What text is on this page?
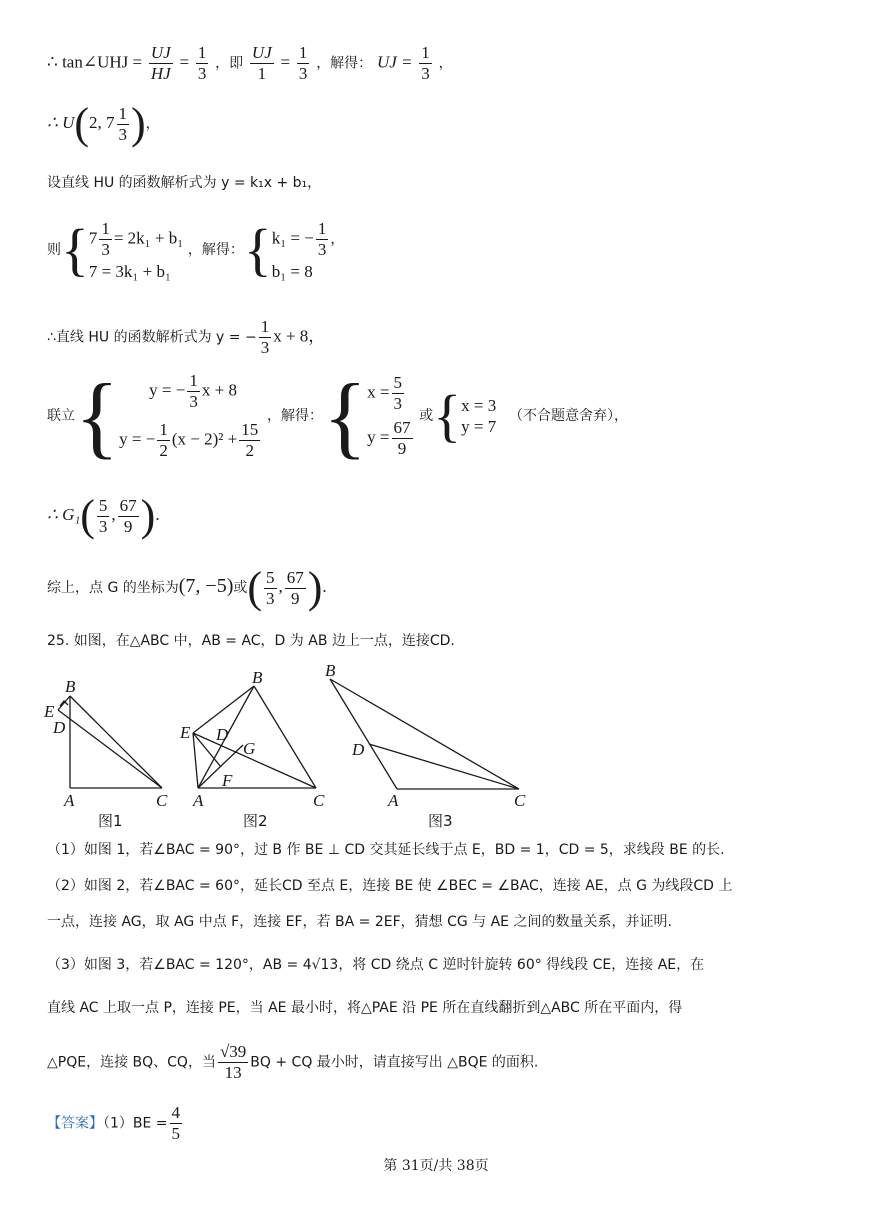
∴ tan∠UHJ = $\frac{UJ}{HJ} = \frac{1}{3}$ ，即 $\frac{UJ}{1} = \frac{1}{3}$ ，解得： UJ = $\frac{1}{3}$ ，
∴ U(2, $7 \frac{1}{3}$ )，
设直线 HU 的函数解析式为 y = k₁x + b₁，
则{ $7 \frac{1}{3} = 2k_1 + b_1$
7 = 3k₁ + b₁
，解得：{ k₁ = − $\frac{1}{3}$ ，
b₁ = 8
∴直线 HU 的函数解析式为 y = − $\frac{1}{3}$ x + 8，
联立{	y = − $\frac{1}{3}$ x + 8
y = − $\frac{1}{2} (x - 2)^2 + \frac{15}{2}$
，解得：{ $x = \frac{5}{3}$
$y = \frac{67}{9}$
或{ x = 3
y = 7
（不合题意舍弃），
∴ $G_1( \frac{5}{3}$ , $\frac{67}{9}$ ).
综上，点 G 的坐标为(7, −5)或( $\frac{5}{3}$ , $\frac{67}{9}$ ).
25. 如图，在△ABC 中，AB = AC，D 为 AB 边上一点，连接CD.
B
E
D
A	C
图1
B
E D
G
F
A	C
图2
B
D
A	C
图3
（1）如图 1，若∠BAC = 90°，过 B 作 BE ⊥ CD 交其延长线于点 E，BD = 1，CD = 5，求线段 BE 的长.
（2）如图 2，若∠BAC = 60°，延长CD 至点 E，连接 BE 使 ∠BEC = ∠BAC，连接 AE，点 G 为线段CD 上
一点，连接 AG，取 AG 中点 F，连接 EF，若 BA = 2EF，猜想 CG 与 AE 之间的数量关系，并证明.
（3）如图 3，若∠BAC = 120°，AB = 4√13，将 CD 绕点 C 逆时针旋转 60° 得线段 CE，连接 AE，在
直线 AC 上取一点 P，连接 PE，当 AE 最小时，将△PAE 沿 PE 所在直线翻折到△ABC 所在平面内，得
△PQE，连接 BQ、CQ，当 $\frac{√39}{13}$ BQ + CQ 最小时，请直接写出 △BQE 的面积.
【答案】$(1)BE = \frac{4}{5}$
第 31页/共 38页
